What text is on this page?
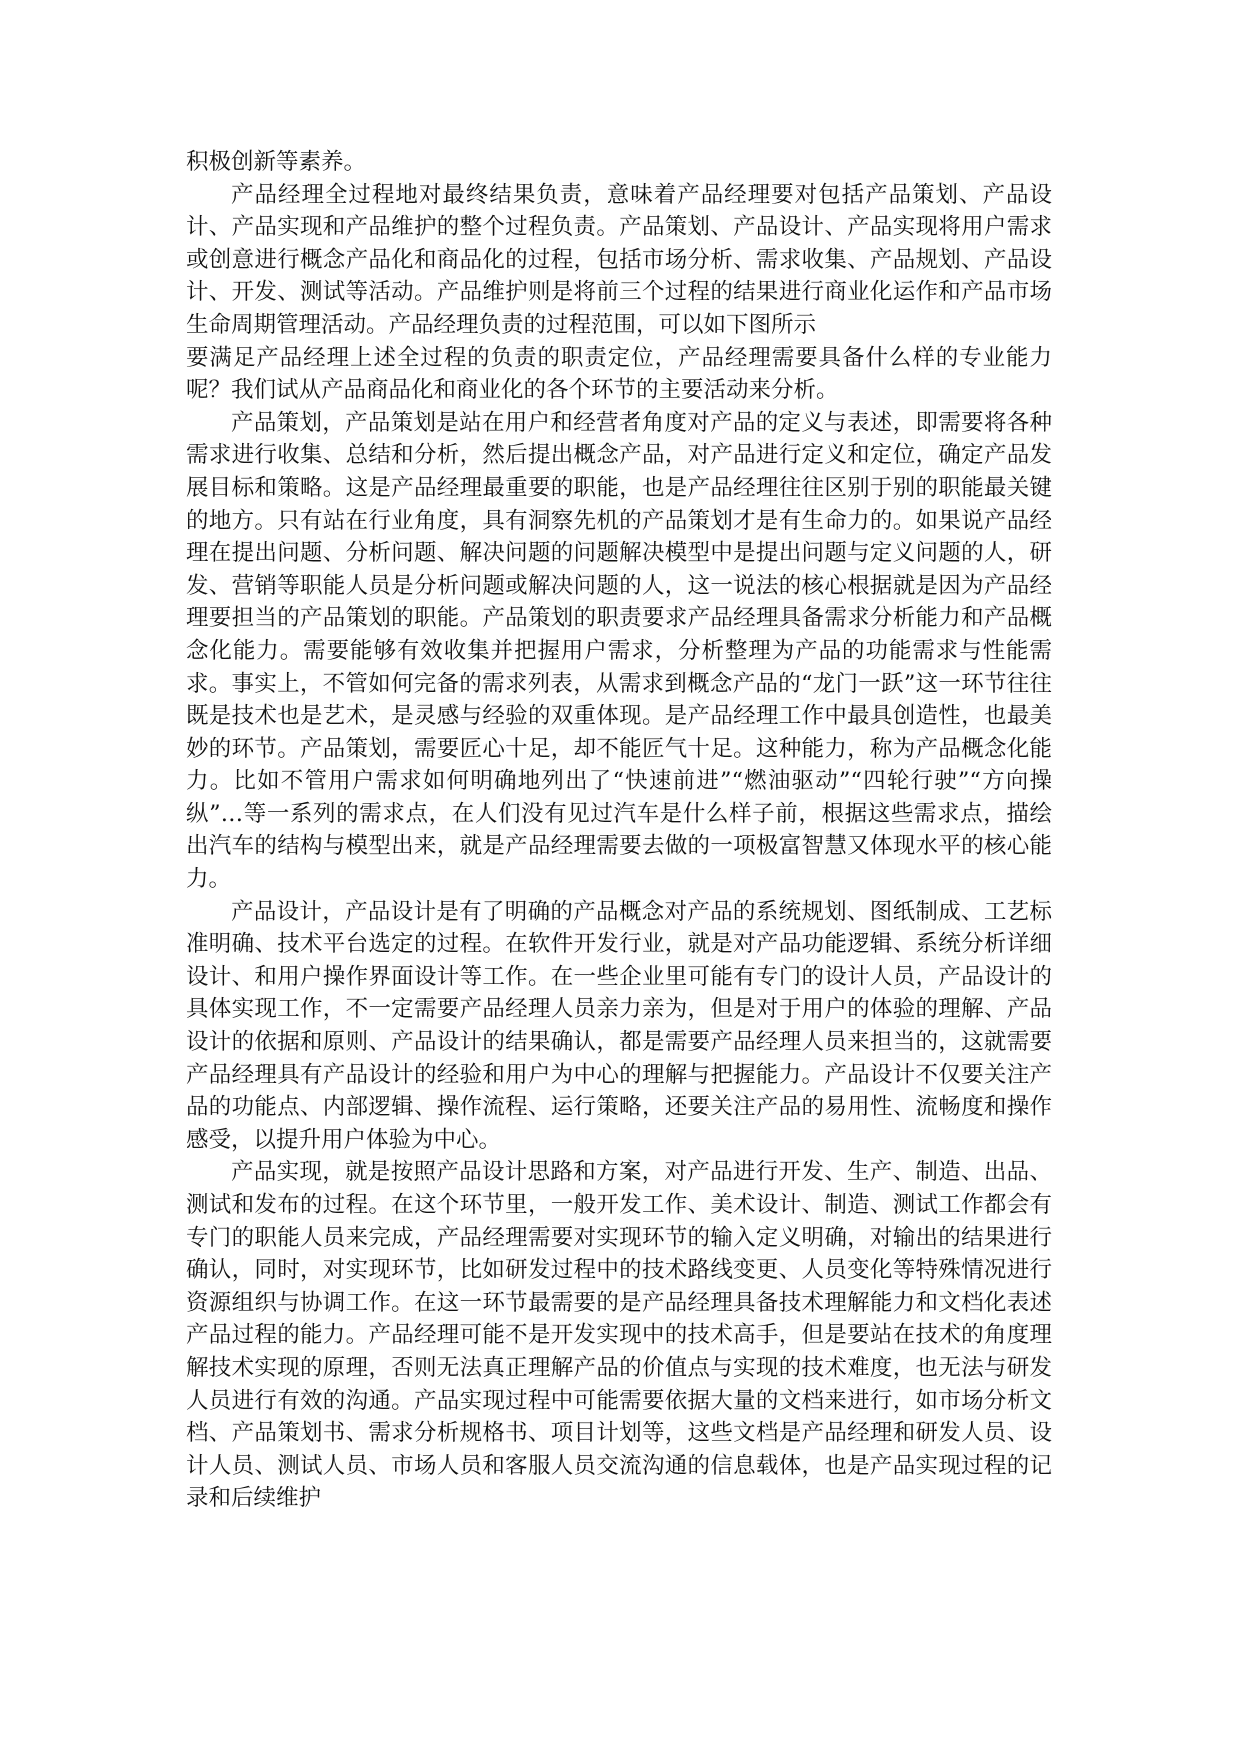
积极创新等素养。

产品经理全过程地对最终结果负责，意味着产品经理要对包括产品策划、产品设计、产品实现和产品维护的整个过程负责。产品策划、产品设计、产品实现将用户需求或创意进行概念产品化和商品化的过程，包括市场分析、需求收集、产品规划、产品设计、开发、测试等活动。产品维护则是将前三个过程的结果进行商业化运作和产品市场生命周期管理活动。产品经理负责的过程范围，可以如下图所示

要满足产品经理上述全过程的负责的职责定位，产品经理需要具备什么样的专业能力呢？我们试从产品商品化和商业化的各个环节的主要活动来分析。

产品策划，产品策划是站在用户和经营者角度对产品的定义与表述，即需要将各种需求进行收集、总结和分析，然后提出概念产品，对产品进行定义和定位，确定产品发展目标和策略。这是产品经理最重要的职能，也是产品经理往往区别于别的职能最关键的地方。只有站在行业角度，具有洞察先机的产品策划才是有生命力的。如果说产品经理在提出问题、分析问题、解决问题的问题解决模型中是提出问题与定义问题的人，研发、营销等职能人员是分析问题或解决问题的人，这一说法的核心根据就是因为产品经理要担当的产品策划的职能。产品策划的职责要求产品经理具备需求分析能力和产品概念化能力。需要能够有效收集并把握用户需求，分析整理为产品的功能需求与性能需求。事实上，不管如何完备的需求列表，从需求到概念产品的“龙门一跃”这一环节往往既是技术也是艺术，是灵感与经验的双重体现。是产品经理工作中最具创造性，也最美妙的环节。产品策划，需要匠心十足，却不能匠气十足。这种能力，称为产品概念化能力。比如不管用户需求如何明确地列出了“快速前进”“燃油驱动”“四轮行驶”“方向操纵”…等一系列的需求点，在人们没有见过汽车是什么样子前，根据这些需求点，描绘出汽车的结构与模型出来，就是产品经理需要去做的一项极富智慧又体现水平的核心能力。

产品设计，产品设计是有了明确的产品概念对产品的系统规划、图纸制成、工艺标准明确、技术平台选定的过程。在软件开发行业，就是对产品功能逻辑、系统分析详细设计、和用户操作界面设计等工作。在一些企业里可能有专门的设计人员，产品设计的具体实现工作，不一定需要产品经理人员亲力亲为，但是对于用户的体验的理解、产品设计的依据和原则、产品设计的结果确认，都是需要产品经理人员来担当的，这就需要产品经理具有产品设计的经验和用户为中心的理解与把握能力。产品设计不仅要关注产品的功能点、内部逻辑、操作流程、运行策略，还要关注产品的易用性、流畅度和操作感受，以提升用户体验为中心。

产品实现，就是按照产品设计思路和方案，对产品进行开发、生产、制造、出品、测试和发布的过程。在这个环节里，一般开发工作、美术设计、制造、测试工作都会有专门的职能人员来完成，产品经理需要对实现环节的输入定义明确，对输出的结果进行确认，同时，对实现环节，比如研发过程中的技术路线变更、人员变化等特殊情况进行资源组织与协调工作。在这一环节最需要的是产品经理具备技术理解能力和文档化表述产品过程的能力。产品经理可能不是开发实现中的技术高手，但是要站在技术的角度理解技术实现的原理，否则无法真正理解产品的价值点与实现的技术难度，也无法与研发人员进行有效的沟通。产品实现过程中可能需要依据大量的文档来进行，如市场分析文档、产品策划书、需求分析规格书、项目计划等，这些文档是产品经理和研发人员、设计人员、测试人员、市场人员和客服人员交流沟通的信息载体，也是产品实现过程的记录和后续维护
